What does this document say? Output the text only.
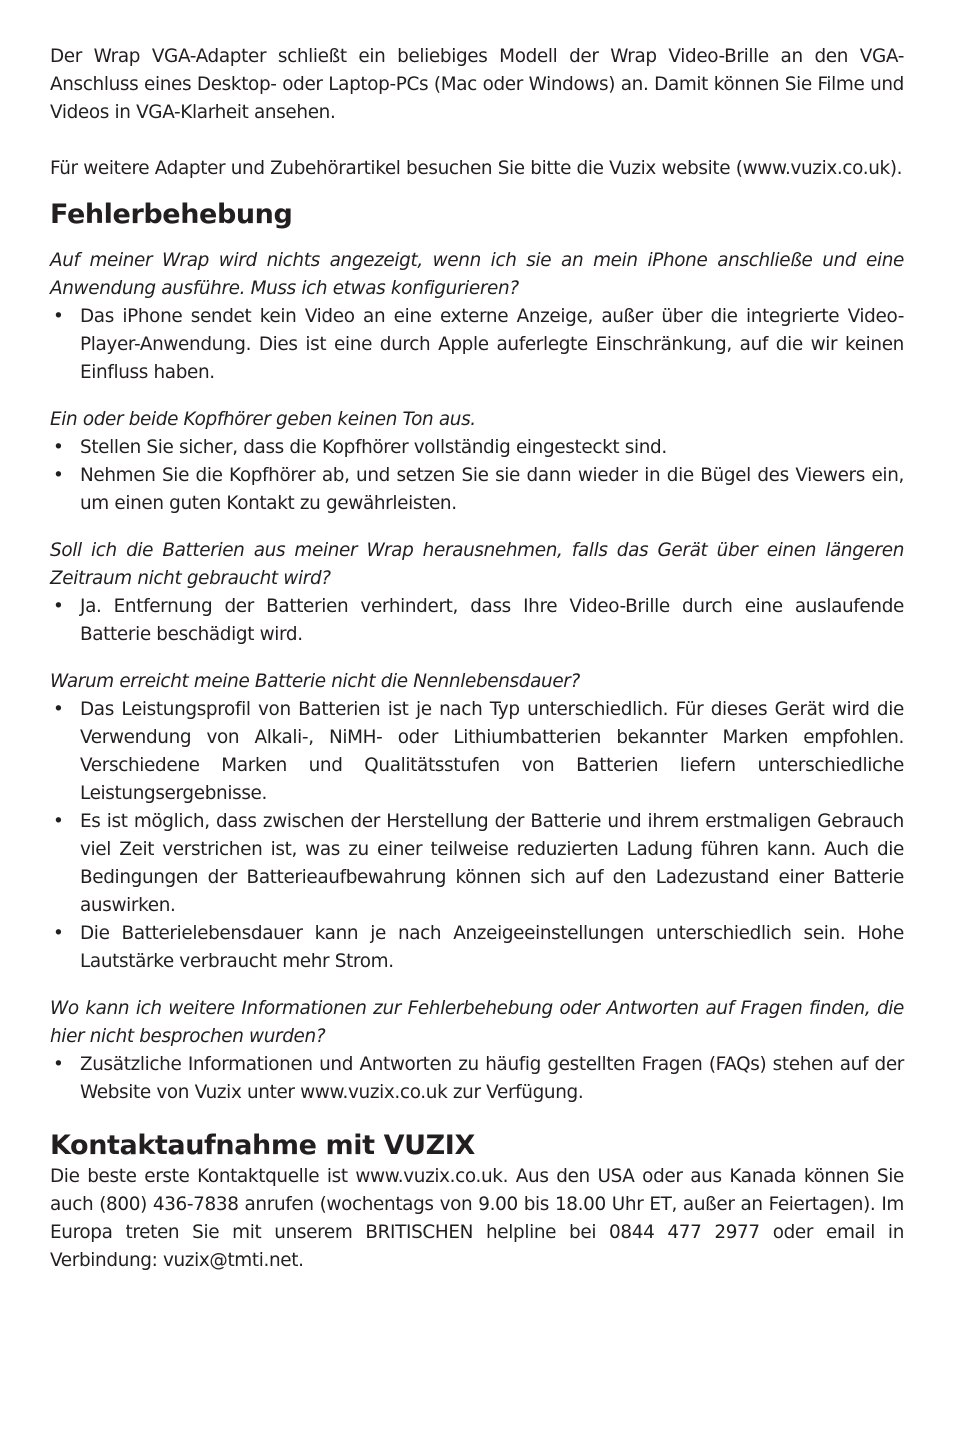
Der Wrap VGA-Adapter schließt ein beliebiges Modell der Wrap Video-Brille an den VGA-Anschluss eines Desktop- oder Laptop-PCs (Mac oder Windows) an. Damit können Sie Filme und Videos in VGA-Klarheit ansehen.

Für weitere Adapter und Zubehörartikel besuchen Sie bitte die Vuzix website (www.vuzix.co.uk).

Fehlerbehebung
Auf meiner Wrap wird nichts angezeigt, wenn ich sie an mein iPhone anschließe und eine Anwendung ausführe. Muss ich etwas konfigurieren?
• Das iPhone sendet kein Video an eine externe Anzeige, außer über die integrierte Video-Player-Anwendung. Dies ist eine durch Apple auferlegte Einschränkung, auf die wir keinen Einfluss haben.
Ein oder beide Kopfhörer geben keinen Ton aus.
• Stellen Sie sicher, dass die Kopfhörer vollständig eingesteckt sind.
• Nehmen Sie die Kopfhörer ab, und setzen Sie sie dann wieder in die Bügel des Viewers ein, um einen guten Kontakt zu gewährleisten.
Soll ich die Batterien aus meiner Wrap herausnehmen, falls das Gerät über einen längeren Zeitraum nicht gebraucht wird?
• Ja. Entfernung der Batterien verhindert, dass Ihre Video-Brille durch eine auslaufende Batterie beschädigt wird.
Warum erreicht meine Batterie nicht die Nennlebensdauer?
• Das Leistungsprofil von Batterien ist je nach Typ unterschiedlich. Für dieses Gerät wird die Verwendung von Alkali-, NiMH- oder Lithiumbatterien bekannter Marken empfohlen. Verschiedene Marken und Qualitätsstufen von Batterien liefern unterschiedliche Leistungsergebnisse.
• Es ist möglich, dass zwischen der Herstellung der Batterie und ihrem erstmaligen Gebrauch viel Zeit verstrichen ist, was zu einer teilweise reduzierten Ladung führen kann. Auch die Bedingungen der Batterieaufbewahrung können sich auf den Ladezustand einer Batterie auswirken.
• Die Batterielebensdauer kann je nach Anzeigeeinstellungen unterschiedlich sein. Hohe Lautstärke verbraucht mehr Strom.
Wo kann ich weitere Informationen zur Fehlerbehebung oder Antworten auf Fragen finden, die hier nicht besprochen wurden?
• Zusätzliche Informationen und Antworten zu häufig gestellten Fragen (FAQs) stehen auf der Website von Vuzix unter www.vuzix.co.uk zur Verfügung.
Kontaktaufnahme mit VUZIX

Die beste erste Kontaktquelle ist www.vuzix.co.uk. Aus den USA oder aus Kanada können Sie auch (800) 436-7838 anrufen (wochentags von 9.00 bis 18.00 Uhr ET, außer an Feiertagen). Im Europa treten Sie mit unserem BRITISCHEN helpline bei 0844 477 2977 oder email in Verbindung: vuzix@tmti.net.
